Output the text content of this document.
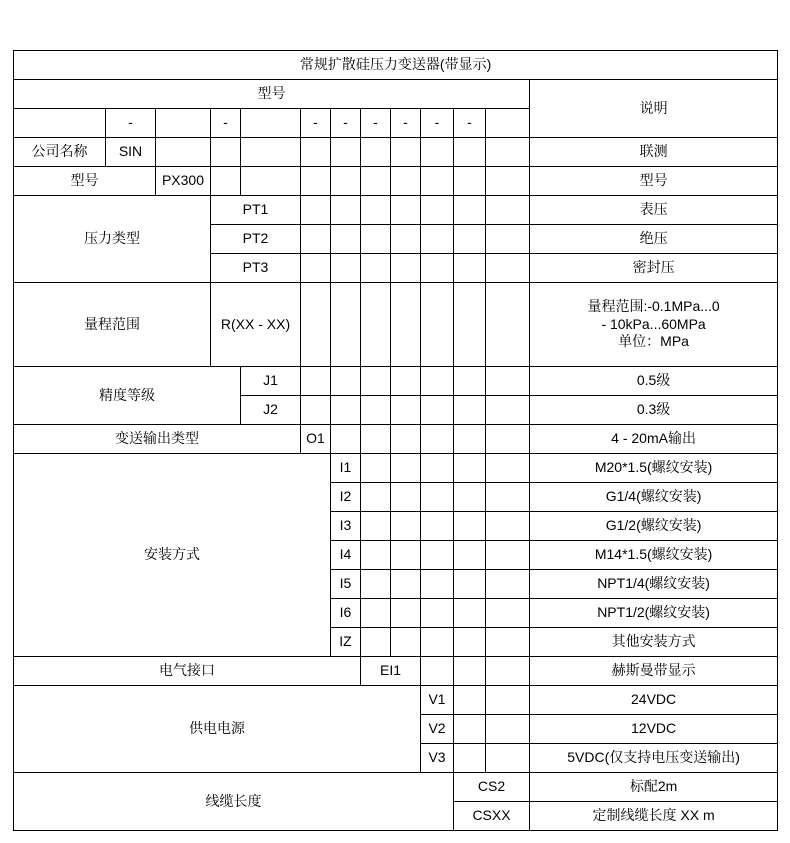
常规扩散硅压力变送器(带显示)												
型号												说明
	-		-		-	-	-	-	-	-		
公司名称	SIN											联测
型号		PX300										型号
压力类型			PT1									表压
			PT2									绝压
			PT3									密封压
量程范围			R(XX - XX)									量程范围:-0.1MPa...0
- 10kPa...60MPa
单位：MPa

精度等级				J1								0.5级
				J2								0.3级
变送输出类型					O1							4 - 20mA输出
安装方式						I1						M20*1.5(螺纹安装)
						I2						G1/4(螺纹安装)
						I3						G1/2(螺纹安装)
						I4						M14*1.5(螺纹安装)
						I5						NPT1/4(螺纹安装)
						I6						NPT1/2(螺纹安装)
						IZ						其他安装方式
电气接口							EI1					赫斯曼带显示
供电电源									V1			24VDC
									V2			12VDC
									V3			5VDC(仅支持电压变送输出)
线缆长度										CS2		标配2m
										CSXX		定制线缆长度 XX m
